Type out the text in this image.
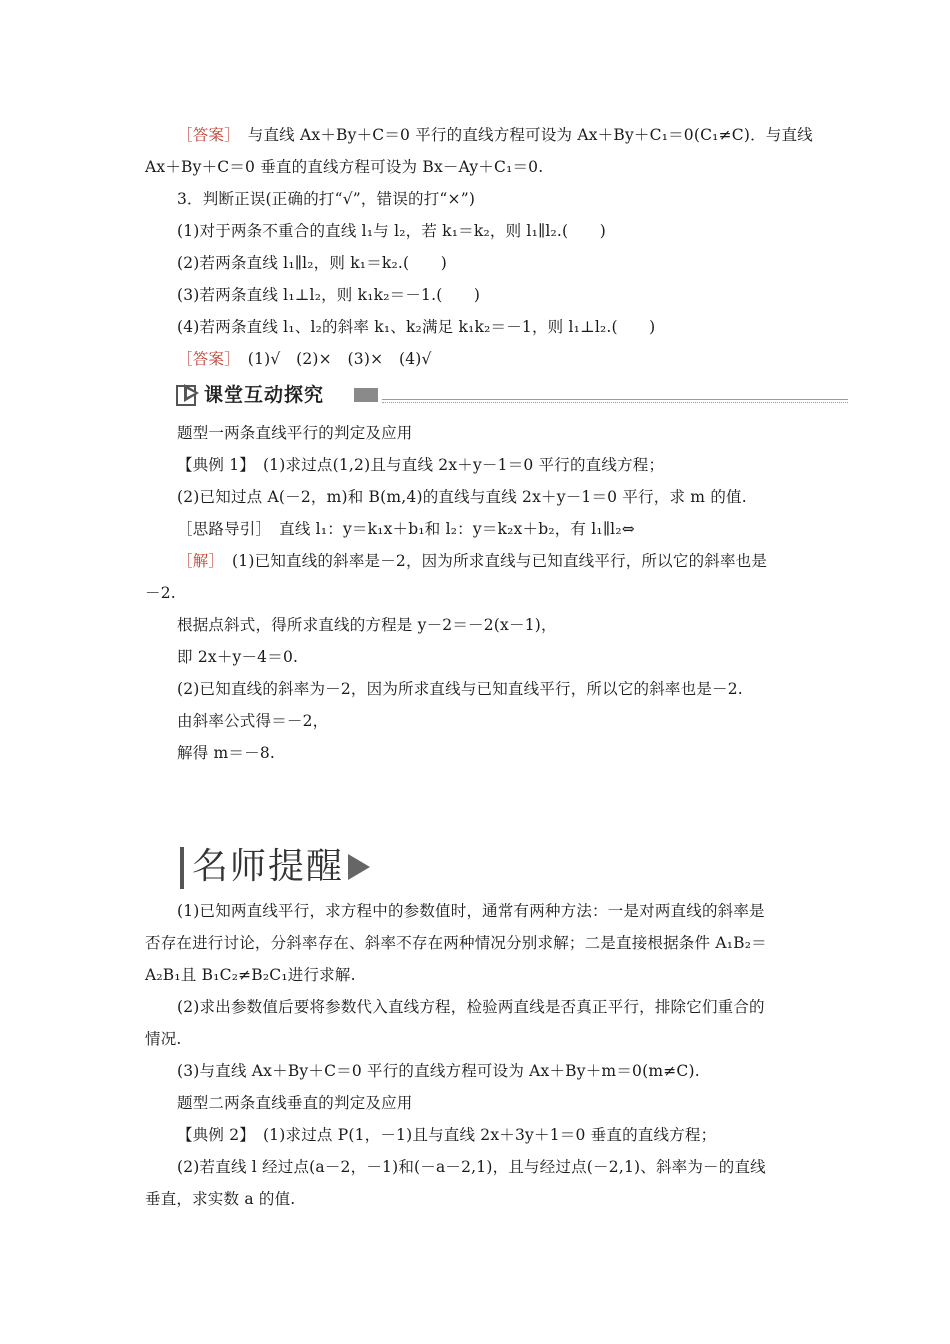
［答案］　与直线 Ax＋By＋C＝0 平行的直线方程可设为 Ax＋By＋C₁＝0(C₁≠C)．与直线
Ax＋By＋C＝0 垂直的直线方程可设为 Bx－Ay＋C₁＝0.
3．判断正误(正确的打“√”，错误的打“×”)
(1)对于两条不重合的直线 l₁与 l₂，若 k₁＝k₂，则 l₁∥l₂.(　　)
(2)若两条直线 l₁∥l₂，则 k₁＝k₂.(　　)
(3)若两条直线 l₁⊥l₂，则 k₁k₂＝－1.(　　)
(4)若两条直线 l₁、l₂的斜率 k₁、k₂满足 k₁k₂＝－1，则 l₁⊥l₂.(　　)
［答案］　(1)√　(2)×　(3)×　(4)√
课堂互动探究
题型一两条直线平行的判定及应用
【典例 1】　(1)求过点(1,2)且与直线 2x＋y－1＝0 平行的直线方程；
(2)已知过点 A(－2，m)和 B(m,4)的直线与直线 2x＋y－1＝0 平行，求 m 的值.
［思路导引］　直线 l₁：y＝k₁x＋b₁和 l₂：y＝k₂x＋b₂，有 l₁∥l₂⇔
［解］　(1)已知直线的斜率是－2，因为所求直线与已知直线平行，所以它的斜率也是
－2.
根据点斜式，得所求直线的方程是 y－2＝－2(x－1)，
即 2x＋y－4＝0.
(2)已知直线的斜率为－2，因为所求直线与已知直线平行，所以它的斜率也是－2.
由斜率公式得＝－2，
解得 m＝－8.
名师提醒
(1)已知两直线平行，求方程中的参数值时，通常有两种方法：一是对两直线的斜率是
否存在进行讨论，分斜率存在、斜率不存在两种情况分别求解；二是直接根据条件 A₁B₂＝
A₂B₁且 B₁C₂≠B₂C₁进行求解.
(2)求出参数值后要将参数代入直线方程，检验两直线是否真正平行，排除它们重合的
情况.
(3)与直线 Ax＋By＋C＝0 平行的直线方程可设为 Ax＋By＋m＝0(m≠C).
题型二两条直线垂直的判定及应用
【典例 2】　(1)求过点 P(1，－1)且与直线 2x＋3y＋1＝0 垂直的直线方程；
(2)若直线 l 经过点(a－2，－1)和(－a－2,1)，且与经过点(－2,1)、斜率为－的直线
垂直，求实数 a 的值.
